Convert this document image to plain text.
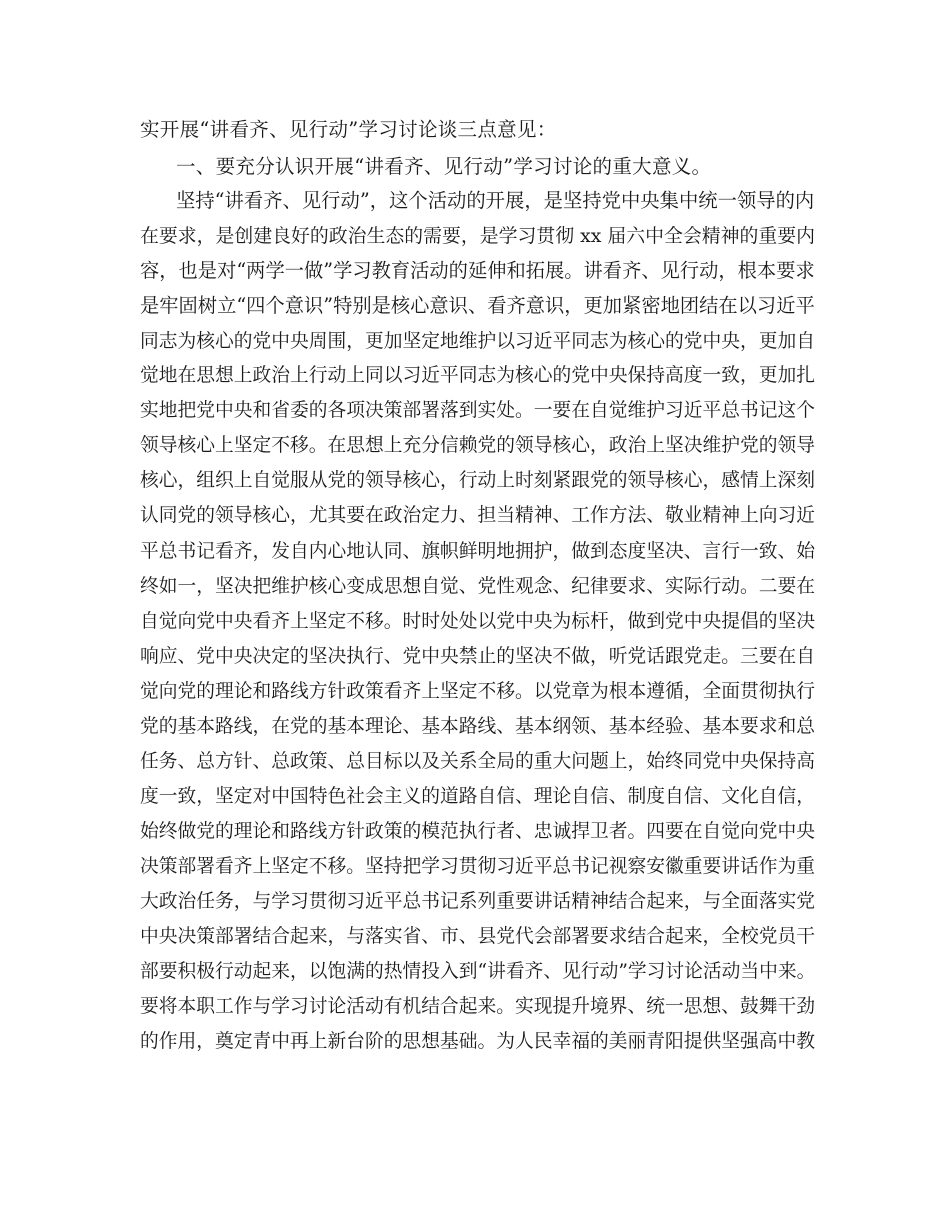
实开展“讲看齐、见行动”学习讨论谈三点意见：
一、要充分认识开展“讲看齐、见行动”学习讨论的重大意义。
坚持“讲看齐、见行动”，这个活动的开展，是坚持党中央集中统一领导的内
在要求，是创建良好的政治生态的需要，是学习贯彻 xx 届六中全会精神的重要内
容，也是对“两学一做”学习教育活动的延伸和拓展。讲看齐、见行动，根本要求
是牢固树立“四个意识”特别是核心意识、看齐意识，更加紧密地团结在以习近平
同志为核心的党中央周围，更加坚定地维护以习近平同志为核心的党中央，更加自
觉地在思想上政治上行动上同以习近平同志为核心的党中央保持高度一致，更加扎
实地把党中央和省委的各项决策部署落到实处。一要在自觉维护习近平总书记这个
领导核心上坚定不移。在思想上充分信赖党的领导核心，政治上坚决维护党的领导
核心，组织上自觉服从党的领导核心，行动上时刻紧跟党的领导核心，感情上深刻
认同党的领导核心，尤其要在政治定力、担当精神、工作方法、敬业精神上向习近
平总书记看齐，发自内心地认同、旗帜鲜明地拥护，做到态度坚决、言行一致、始
终如一，坚决把维护核心变成思想自觉、党性观念、纪律要求、实际行动。二要在
自觉向党中央看齐上坚定不移。时时处处以党中央为标杆，做到党中央提倡的坚决
响应、党中央决定的坚决执行、党中央禁止的坚决不做，听党话跟党走。三要在自
觉向党的理论和路线方针政策看齐上坚定不移。以党章为根本遵循，全面贯彻执行
党的基本路线，在党的基本理论、基本路线、基本纲领、基本经验、基本要求和总
任务、总方针、总政策、总目标以及关系全局的重大问题上，始终同党中央保持高
度一致，坚定对中国特色社会主义的道路自信、理论自信、制度自信、文化自信，
始终做党的理论和路线方针政策的模范执行者、忠诚捍卫者。四要在自觉向党中央
决策部署看齐上坚定不移。坚持把学习贯彻习近平总书记视察安徽重要讲话作为重
大政治任务，与学习贯彻习近平总书记系列重要讲话精神结合起来，与全面落实党
中央决策部署结合起来，与落实省、市、县党代会部署要求结合起来，全校党员干
部要积极行动起来，以饱满的热情投入到“讲看齐、见行动”学习讨论活动当中来。
要将本职工作与学习讨论活动有机结合起来。实现提升境界、统一思想、鼓舞干劲
的作用，奠定青中再上新台阶的思想基础。为人民幸福的美丽青阳提供坚强高中教
